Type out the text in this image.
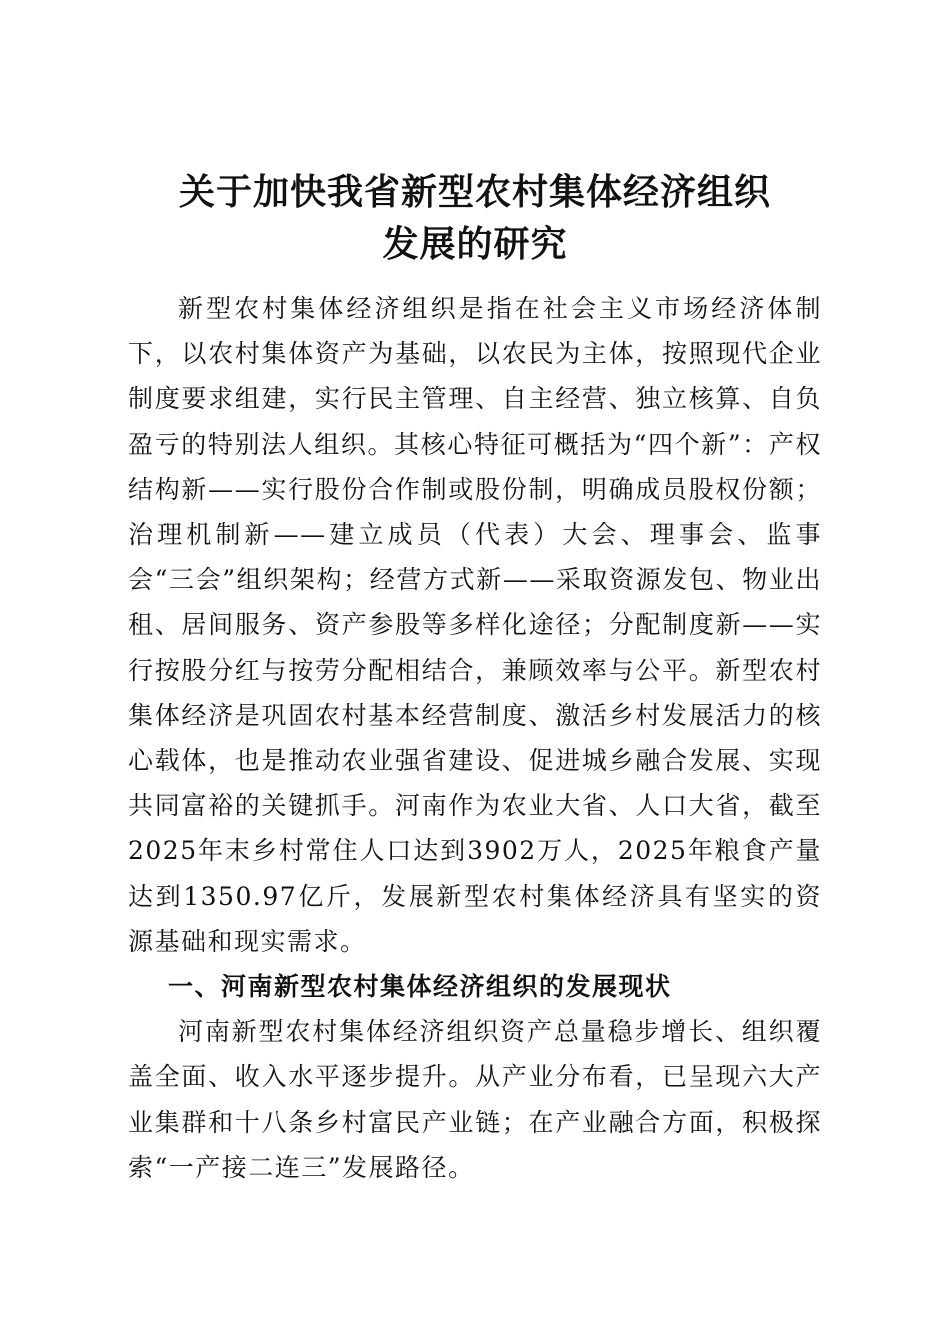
关于加快我省新型农村集体经济组织
发展的研究

新型农村集体经济组织是指在社会主义市场经济体制下，以农村集体资产为基础，以农民为主体，按照现代企业制度要求组建，实行民主管理、自主经营、独立核算、自负盈亏的特别法人组织。其核心特征可概括为“四个新”：产权结构新——实行股份合作制或股份制，明确成员股权份额；治理机制新——建立成员（代表）大会、理事会、监事会“三会”组织架构；经营方式新——采取资源发包、物业出租、居间服务、资产参股等多样化途径；分配制度新——实行按股分红与按劳分配相结合，兼顾效率与公平。新型农村集体经济是巩固农村基本经营制度、激活乡村发展活力的核心载体，也是推动农业强省建设、促进城乡融合发展、实现共同富裕的关键抓手。河南作为农业大省、人口大省，截至2025年末乡村常住人口达到3902万人，2025年粮食产量达到1350.97亿斤，发展新型农村集体经济具有坚实的资源基础和现实需求。

一、河南新型农村集体经济组织的发展现状

河南新型农村集体经济组织资产总量稳步增长、组织覆盖全面、收入水平逐步提升。从产业分布看，已呈现六大产业集群和十八条乡村富民产业链；在产业融合方面，积极探索“一产接二连三”发展路径。
